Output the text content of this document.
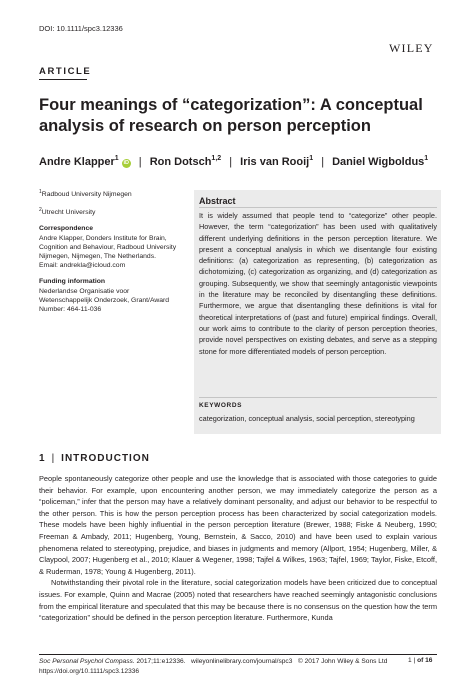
DOI: 10.1111/spc3.12336
WILEY
ARTICLE
Four meanings of “categorization”: A conceptual analysis of research on person perception
Andre Klapper$^1$iD | Ron Dotsch$^{1,2}$ | Iris van Rooij$^1$ | Daniel Wigboldus$^1$

$^1$Radboud University Nijmegen

$^2$Utrecht University

Correspondence

Andre Klapper, Donders Institute for Brain,

Cognition and Behaviour, Radboud University

Nijmegen, Nijmegen, The Netherlands.

Email: andrekla@icloud.com

Funding information

Nederlandse Organisatie voor

Wetenschappelijk Onderzoek, Grant/Award

Number: 464-11-036

Abstract
It is widely assumed that people tend to “categorize” other people. However, the term “categorization” has been used with qualitatively different underlying definitions in the person perception literature. We present a conceptual analysis in which we disentangle four existing definitions: (a) categorization as representing, (b) categorization as dichotomizing, (c) categorization as organizing, and (d) categorization as grouping. Subsequently, we show that seemingly antagonistic viewpoints in the literature may be reconciled by disentangling these definitions. Furthermore, we argue that disentangling these definitions is vital for theoretical interpretations of (past and future) empirical findings. Overall, our work aims to contribute to the clarity of person perception theories, provide novel perspectives on existing debates, and serve as a stepping stone for more differentiated models of person perception.
KEYWORDS
categorization, conceptual analysis, social perception, stereotyping
1 | INTRODUCTION

People spontaneously categorize other people and use the knowledge that is associated with those categories to guide their behavior. For example, upon encountering another person, we may immediately categorize the person as a “policeman,” infer that the person may have a relatively dominant personality, and adjust our behavior to be respectful to the other person. This is how the person perception process has been characterized by social categorization models. These models have been highly influential in the person perception literature (Brewer, 1988; Fiske & Neuberg, 1990; Freeman & Ambady, 2011; Hugenberg, Young, Bernstein, & Sacco, 2010) and have been used to explain various phenomena related to stereotyping, prejudice, and biases in judgments and memory (Allport, 1954; Hugenberg, Miller, & Claypool, 2007; Hugenberg et al., 2010; Klauer & Wegener, 1998; Tajfel & Wilkes, 1963; Tajfel, 1969; Taylor, Fiske, Etcoff, & Ruderman, 1978; Young & Hugenberg, 2011).

Notwithstanding their pivotal role in the literature, social categorization models have been criticized due to conceptual issues. For example, Quinn and Macrae (2005) noted that researchers have reached seemingly antagonistic conclusions from the empirical literature and speculated that this may be because there is no consensus on the question how the term “categorization” should be defined in the person perception literature. Furthermore, Kunda

Soc Personal Psychol Compass. 2017;11:e12336. wileyonlinelibrary.com/journal/spc3 © 2017 John Wiley & Sons Ltd
https://doi.org/10.1111/spc3.12336
1 | of 16
